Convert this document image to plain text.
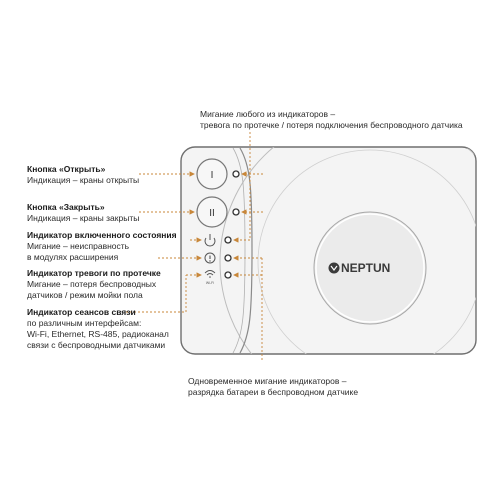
NEPTUN
I
II
Wi-Fi
Мигание любого из индикаторов –
тревога по протечке / потеря подключения беспроводного датчика
Кнопка «Открыть»
Индикация – краны открыты
Кнопка «Закрыть»
Индикация – краны закрыты
Индикатор включенного состояния
Мигание – неисправность
в модулях расширения
Индикатор тревоги по протечке
Мигание – потеря беспроводных
датчиков / режим мойки пола
Индикатор сеансов связи
по различным интерфейсам:
Wi-Fi, Ethernet, RS-485, радиоканал
связи с беспроводными датчиками
Одновременное мигание индикаторов –
разрядка батареи в беспроводном датчике
